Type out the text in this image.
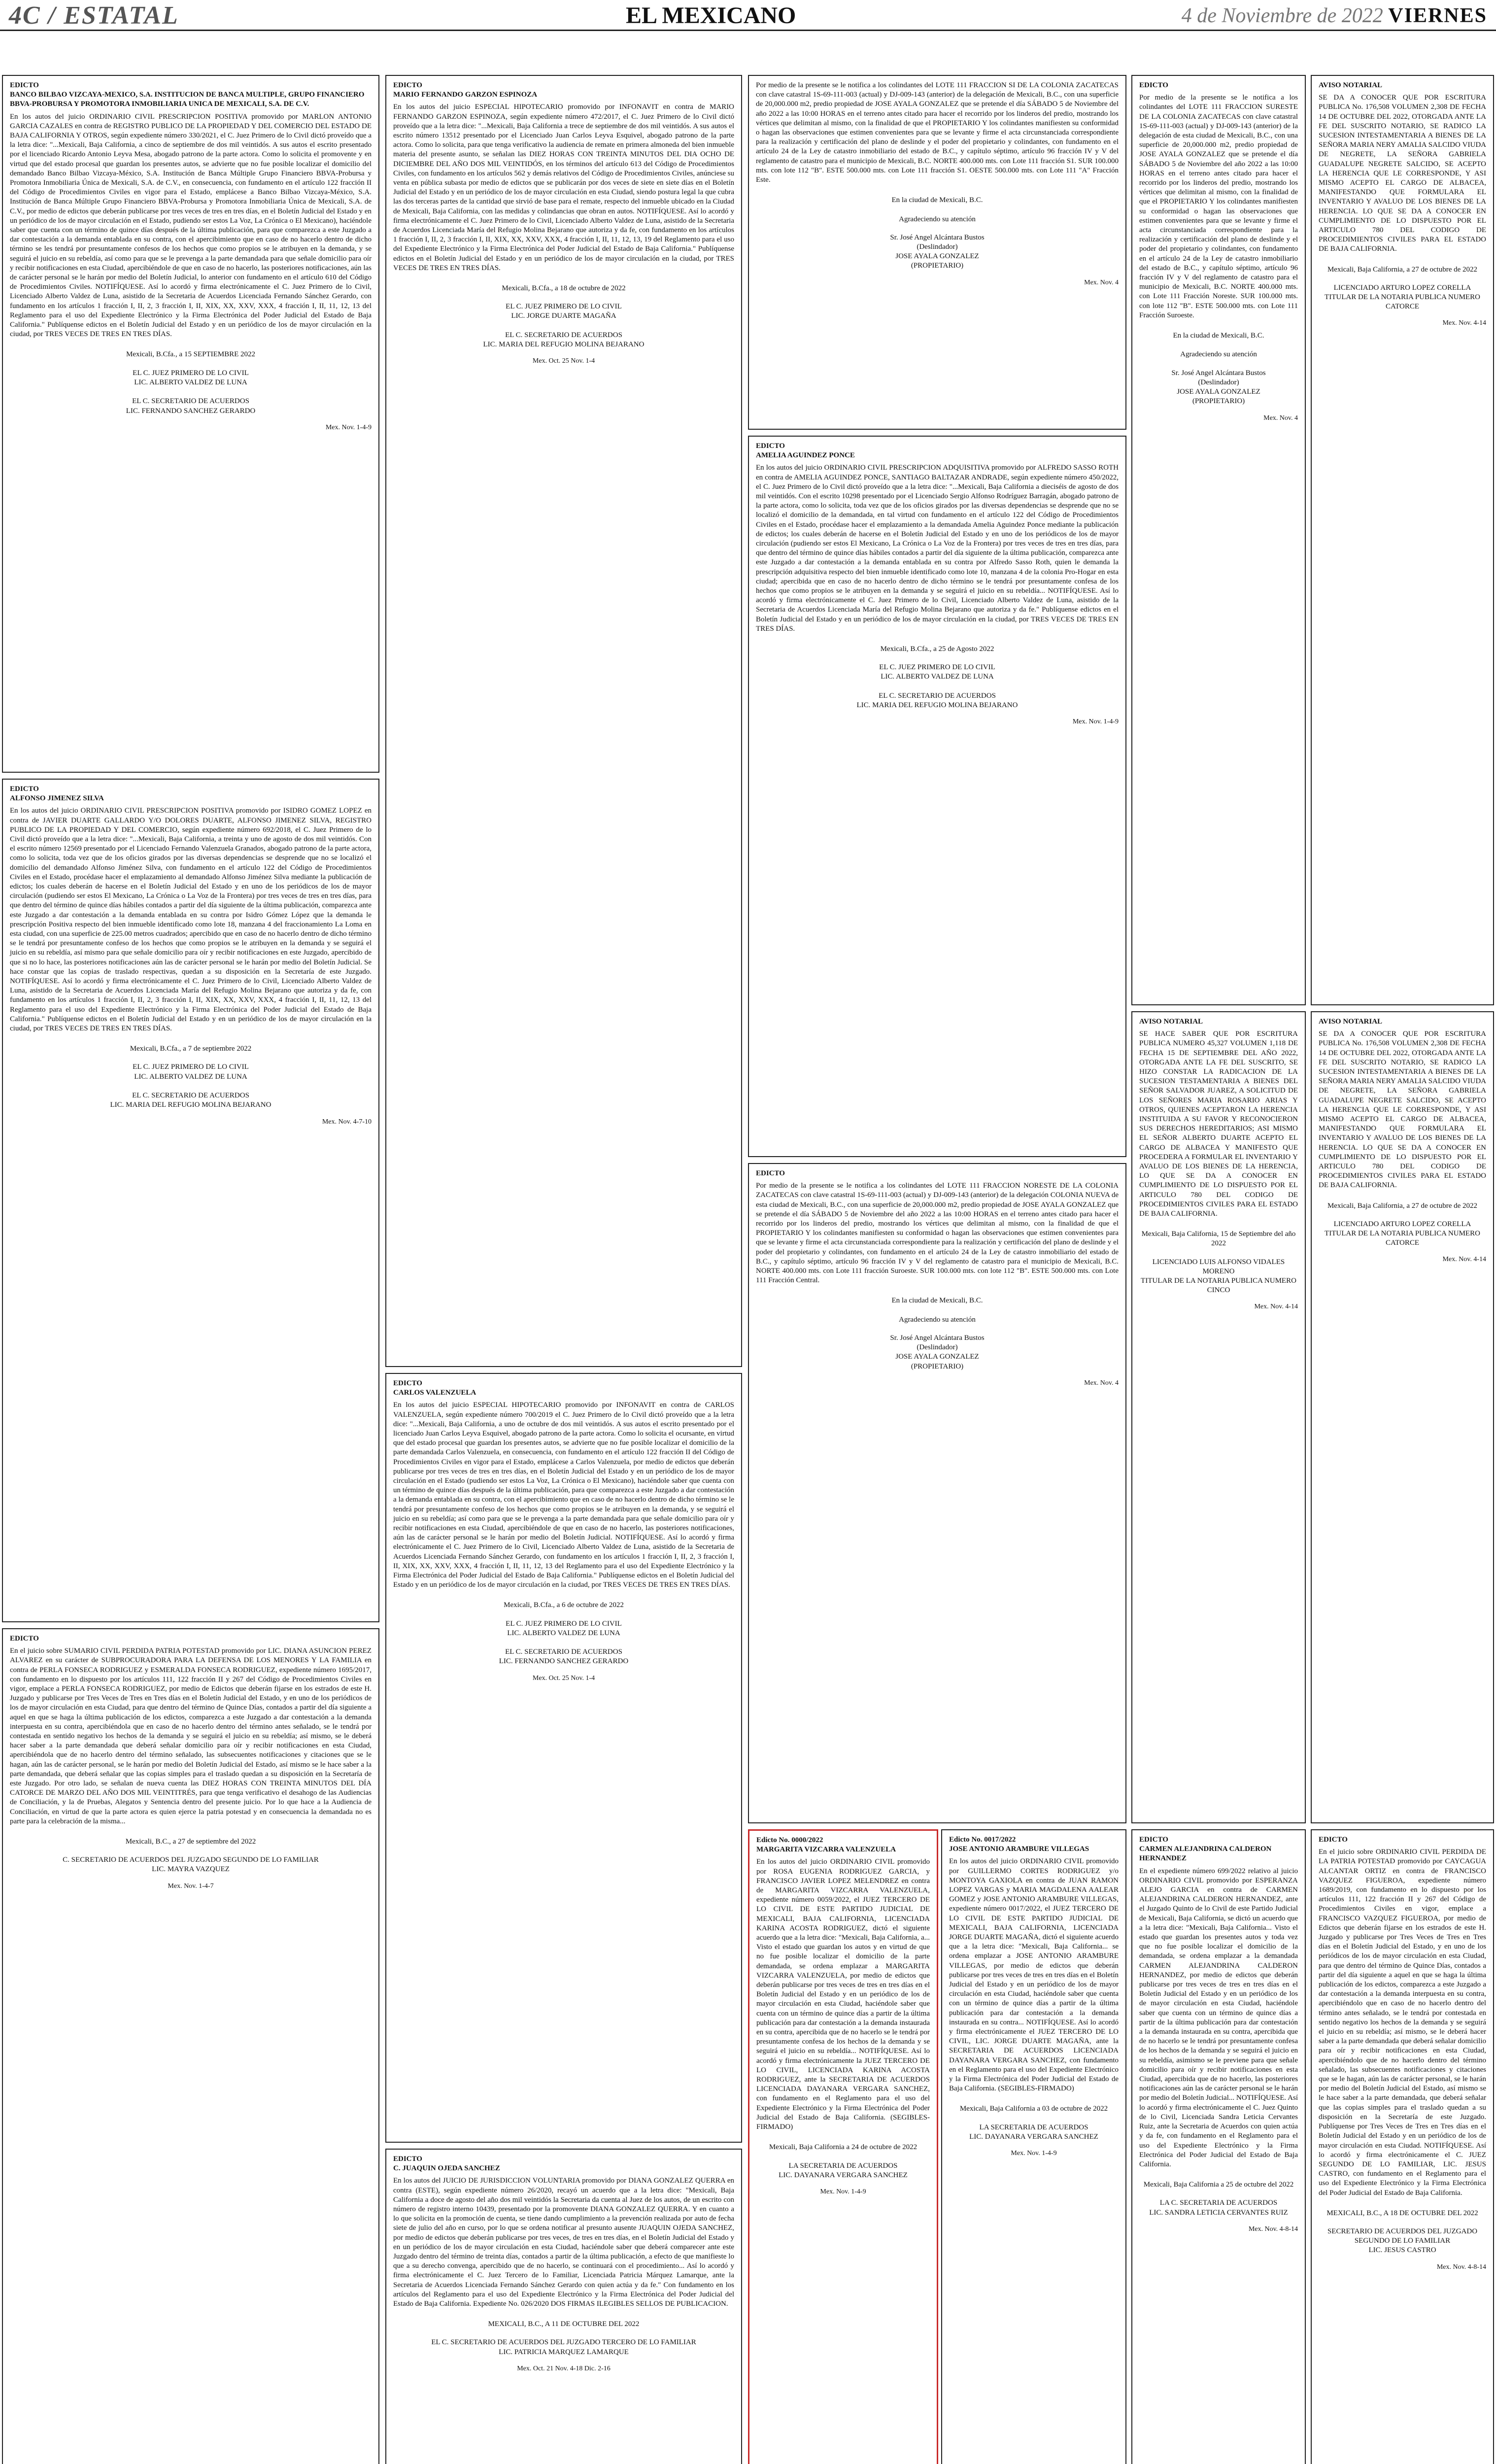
4C / ESTATAL	EL MEXICANO	4 de Noviembre de 2022 VIERNES
EDICTO
BANCO BILBAO VIZCAYA-MEXICO, S.A. INSTITUCION DE BANCA MULTIPLE, GRUPO FINANCIERO BBVA-PROBURSA Y PROMOTORA INMOBILIARIA UNICA DE MEXICALI, S.A. DE C.V.
En los autos del juicio ORDINARIO CIVIL PRESCRIPCION POSITIVA promovido por MARLON ANTONIO GARCIA CAZALES en contra de REGISTRO PUBLICO DE LA PROPIEDAD Y DEL COMERCIO DEL ESTADO DE BAJA CALIFORNIA Y OTROS, según expediente número 330/2021, el C. Juez Primero de lo Civil dictó proveído que a la letra dice: "...Mexicali, Baja California, a cinco de septiembre de dos mil veintidós. A sus autos el escrito presentado por el licenciado Ricardo Antonio Leyva Mesa, abogado patrono de la parte actora. Como lo solicita el promovente y en virtud que del estado procesal que guardan los presentes autos, se advierte que no fue posible localizar el domicilio del demandado Banco Bilbao Vizcaya-México, S.A. Institución de Banca Múltiple Grupo Financiero BBVA-Probursa y Promotora Inmobiliaria Única de Mexicali, S.A. de C.V., en consecuencia, con fundamento en el artículo 122 fracción II del Código de Procedimientos Civiles en vigor para el Estado, emplácese a Banco Bilbao Vizcaya-México, S.A. Institución de Banca Múltiple Grupo Financiero BBVA-Probursa y Promotora Inmobiliaria Única de Mexicali, S.A. de C.V., por medio de edictos que deberán publicarse por tres veces de tres en tres días, en el Boletín Judicial del Estado y en un periódico de los de mayor circulación en el Estado, pudiendo ser estos La Voz, La Crónica o El Mexicano), haciéndole saber que cuenta con un término de quince días después de la última publicación, para que comparezca a este Juzgado a dar contestación a la demanda entablada en su contra, con el apercibimiento que en caso de no hacerlo dentro de dicho término se les tendrá por presuntamente confesos de los hechos que como propios se le atribuyen en la demanda, y se seguirá el juicio en su rebeldía, así como para que se le prevenga a la parte demandada para que señale domicilio para oír y recibir notificaciones en esta Ciudad, apercibiéndole de que en caso de no hacerlo, las posteriores notificaciones, aún las de carácter personal se le harán por medio del Boletín Judicial, lo anterior con fundamento en el artículo 610 del Código de Procedimientos Civiles. NOTIFÍQUESE. Así lo acordó y firma electrónicamente el C. Juez Primero de lo Civil, Licenciado Alberto Valdez de Luna, asistido de la Secretaria de Acuerdos Licenciada Fernando Sánchez Gerardo, con fundamento en los artículos 1 fracción I, II, 2, 3 fracción I, II, XIX, XX, XXV, XXX, 4 fracción I, II, 11, 12, 13 del Reglamento para el uso del Expediente Electrónico y la Firma Electrónica del Poder Judicial del Estado de Baja California." Publíquense edictos en el Boletín Judicial del Estado y en un periódico de los de mayor circulación en la ciudad, por TRES VECES DE TRES EN TRES DÍAS.
Mexicali, B.Cfa., a 15 SEPTIEMBRE 2022
EL C. JUEZ PRIMERO DE LO CIVIL
LIC. ALBERTO VALDEZ DE LUNA

EL C. SECRETARIO DE ACUERDOS
LIC. FERNANDO SANCHEZ GERARDO
Mex. Nov. 1-4-9
EDICTO
ALFONSO JIMENEZ SILVA
En los autos del juicio ORDINARIO CIVIL PRESCRIPCION POSITIVA promovido por ISIDRO GOMEZ LOPEZ en contra de JAVIER DUARTE GALLARDO Y/O DOLORES DUARTE, ALFONSO JIMENEZ SILVA, REGISTRO PUBLICO DE LA PROPIEDAD Y DEL COMERCIO, según expediente número 692/2018, el C. Juez Primero de lo Civil dictó proveído que a la letra dice: "...Mexicali, Baja California, a treinta y uno de agosto de dos mil veintidós. Con el escrito número 12569 presentado por el Licenciado Fernando Valenzuela Granados, abogado patrono de la parte actora, como lo solicita, toda vez que de los oficios girados por las diversas dependencias se desprende que no se localizó el domicilio del demandado Alfonso Jiménez Silva, con fundamento en el artículo 122 del Código de Procedimientos Civiles en el Estado, procédase hacer el emplazamiento al demandado Alfonso Jiménez Silva mediante la publicación de edictos; los cuales deberán de hacerse en el Boletín Judicial del Estado y en uno de los periódicos de los de mayor circulación (pudiendo ser estos El Mexicano, La Crónica o La Voz de la Frontera) por tres veces de tres en tres días, para que dentro del término de quince días hábiles contados a partir del día siguiente de la última publicación, comparezca ante este Juzgado a dar contestación a la demanda entablada en su contra por Isidro Gómez López que la demanda le prescripción Positiva respecto del bien inmueble identificado como lote 18, manzana 4 del fraccionamiento La Loma en esta ciudad, con una superficie de 225.00 metros cuadrados; apercibido que en caso de no hacerlo dentro de dicho término se le tendrá por presuntamente confeso de los hechos que como propios se le atribuyen en la demanda y se seguirá el juicio en su rebeldía, así mismo para que señale domicilio para oír y recibir notificaciones en este Juzgado, apercibido de que si no lo hace, las posteriores notificaciones aún las de carácter personal se le harán por medio del Boletín Judicial. Se hace constar que las copias de traslado respectivas, quedan a su disposición en la Secretaría de este Juzgado. NOTIFÍQUESE. Así lo acordó y firma electrónicamente el C. Juez Primero de lo Civil, Licenciado Alberto Valdez de Luna, asistido de la Secretaria de Acuerdos Licenciada María del Refugio Molina Bejarano que autoriza y da fe, con fundamento en los artículos 1 fracción I, II, 2, 3 fracción I, II, XIX, XX, XXV, XXX, 4 fracción I, II, 11, 12, 13 del Reglamento para el uso del Expediente Electrónico y la Firma Electrónica del Poder Judicial del Estado de Baja California." Publíquense edictos en el Boletín Judicial del Estado y en un periódico de los de mayor circulación en la ciudad, por TRES VECES DE TRES EN TRES DÍAS.
Mexicali, B.Cfa., a 7 de septiembre 2022
EL C. JUEZ PRIMERO DE LO CIVIL
LIC. ALBERTO VALDEZ DE LUNA

EL C. SECRETARIO DE ACUERDOS
LIC. MARIA DEL REFUGIO MOLINA BEJARANO
Mex. Nov. 4-7-10
EDICTO
En el juicio sobre SUMARIO CIVIL PERDIDA PATRIA POTESTAD promovido por LIC. DIANA ASUNCION PEREZ ALVAREZ en su carácter de SUBPROCURADORA PARA LA DEFENSA DE LOS MENORES Y LA FAMILIA en contra de PERLA FONSECA RODRIGUEZ y ESMERALDA FONSECA RODRIGUEZ, expediente número 1695/2017, con fundamento en lo dispuesto por los artículos 111, 122 fracción II y 267 del Código de Procedimientos Civiles en vigor, emplace a PERLA FONSECA RODRIGUEZ, por medio de Edictos que deberán fijarse en los estrados de este H. Juzgado y publicarse por Tres Veces de Tres en Tres días en el Boletín Judicial del Estado, y en uno de los periódicos de los de mayor circulación en esta Ciudad, para que dentro del término de Quince Días, contados a partir del día siguiente a aquel en que se haga la última publicación de los edictos, comparezca a este Juzgado a dar contestación a la demanda interpuesta en su contra, apercibiéndola que en caso de no hacerlo dentro del término antes señalado, se le tendrá por contestada en sentido negativo los hechos de la demanda y se seguirá el juicio en su rebeldía; así mismo, se le deberá hacer saber a la parte demandada que deberá señalar domicilio para oír y recibir notificaciones en esta Ciudad, apercibiéndola que de no hacerlo dentro del término señalado, las subsecuentes notificaciones y citaciones que se le hagan, aún las de carácter personal, se le harán por medio del Boletín Judicial del Estado, así mismo se le hace saber a la parte demandada, que deberá señalar que las copias simples para el traslado quedan a su disposición en la Secretaría de este Juzgado. Por otro lado, se señalan de nueva cuenta las DIEZ HORAS CON TREINTA MINUTOS DEL DÍA CATORCE DE MARZO DEL AÑO DOS MIL VEINTITRÉS, para que tenga verificativo el desahogo de las Audiencias de Conciliación, y la de Pruebas, Alegatos y Sentencia dentro del presente juicio. Por lo que hace a la Audiencia de Conciliación, en virtud de que la parte actora es quien ejerce la patria potestad y en consecuencia la demandada no es parte para la celebración de la misma...
Mexicali, B.C., a 27 de septiembre del 2022
C. SECRETARIO DE ACUERDOS DEL JUZGADO SEGUNDO DE LO FAMILIAR
LIC. MAYRA VAZQUEZ
Mex. Nov. 1-4-7
EDICTO
MARIO FERNANDO GARZON ESPINOZA
En los autos del juicio ESPECIAL HIPOTECARIO promovido por INFONAVIT en contra de MARIO FERNANDO GARZON ESPINOZA, según expediente número 472/2017, el C. Juez Primero de lo Civil dictó proveído que a la letra dice: "...Mexicali, Baja California a trece de septiembre de dos mil veintidós. A sus autos el escrito número 13512 presentado por el Licenciado Juan Carlos Leyva Esquivel, abogado patrono de la parte actora. Como lo solicita, para que tenga verificativo la audiencia de remate en primera almoneda del bien inmueble materia del presente asunto, se señalan las DIEZ HORAS CON TREINTA MINUTOS DEL DIA OCHO DE DICIEMBRE DEL AÑO DOS MIL VEINTIDÓS, en los términos del artículo 613 del Código de Procedimientos Civiles, con fundamento en los artículos 562 y demás relativos del Código de Procedimientos Civiles, anúnciese su venta en pública subasta por medio de edictos que se publicarán por dos veces de siete en siete días en el Boletín Judicial del Estado y en un periódico de los de mayor circulación en esta Ciudad, siendo postura legal la que cubra las dos terceras partes de la cantidad que sirvió de base para el remate, respecto del inmueble ubicado en la Ciudad de Mexicali, Baja California, con las medidas y colindancias que obran en autos. NOTIFÍQUESE. Así lo acordó y firma electrónicamente el C. Juez Primero de lo Civil, Licenciado Alberto Valdez de Luna, asistido de la Secretaria de Acuerdos Licenciada María del Refugio Molina Bejarano que autoriza y da fe, con fundamento en los artículos 1 fracción I, II, 2, 3 fracción I, II, XIX, XX, XXV, XXX, 4 fracción I, II, 11, 12, 13, 19 del Reglamento para el uso del Expediente Electrónico y la Firma Electrónica del Poder Judicial del Estado de Baja California." Publíquense edictos en el Boletín Judicial del Estado y en un periódico de los de mayor circulación en la ciudad, por TRES VECES DE TRES EN TRES DÍAS.
Mexicali, B.Cfa., a 18 de octubre de 2022
EL C. JUEZ PRIMERO DE LO CIVIL
LIC. JORGE DUARTE MAGAÑA

EL C. SECRETARIO DE ACUERDOS
LIC. MARIA DEL REFUGIO MOLINA BEJARANO
Mex. Oct. 25 Nov. 1-4
EDICTO
CARLOS VALENZUELA
En los autos del juicio ESPECIAL HIPOTECARIO promovido por INFONAVIT en contra de CARLOS VALENZUELA, según expediente número 700/2019 el C. Juez Primero de lo Civil dictó proveído que a la letra dice: "...Mexicali, Baja California, a uno de octubre de dos mil veintidós. A sus autos el escrito presentado por el licenciado Juan Carlos Leyva Esquivel, abogado patrono de la parte actora. Como lo solicita el ocursante, en virtud que del estado procesal que guardan los presentes autos, se advierte que no fue posible localizar el domicilio de la parte demandada Carlos Valenzuela, en consecuencia, con fundamento en el artículo 122 fracción II del Código de Procedimientos Civiles en vigor para el Estado, emplácese a Carlos Valenzuela, por medio de edictos que deberán publicarse por tres veces de tres en tres días, en el Boletín Judicial del Estado y en un periódico de los de mayor circulación en el Estado (pudiendo ser estos La Voz, La Crónica o El Mexicano), haciéndole saber que cuenta con un término de quince días después de la última publicación, para que comparezca a este Juzgado a dar contestación a la demanda entablada en su contra, con el apercibimiento que en caso de no hacerlo dentro de dicho término se le tendrá por presuntamente confeso de los hechos que como propios se le atribuyen en la demanda, y se seguirá el juicio en su rebeldía; así como para que se le prevenga a la parte demandada para que señale domicilio para oír y recibir notificaciones en esta Ciudad, apercibiéndole de que en caso de no hacerlo, las posteriores notificaciones, aún las de carácter personal se le harán por medio del Boletín Judicial. NOTIFÍQUESE. Así lo acordó y firma electrónicamente el C. Juez Primero de lo Civil, Licenciado Alberto Valdez de Luna, asistido de la Secretaria de Acuerdos Licenciada Fernando Sánchez Gerardo, con fundamento en los artículos 1 fracción I, II, 2, 3 fracción I, II, XIX, XX, XXV, XXX, 4 fracción I, II, 11, 12, 13 del Reglamento para el uso del Expediente Electrónico y la Firma Electrónica del Poder Judicial del Estado de Baja California." Publíquense edictos en el Boletín Judicial del Estado y en un periódico de los de mayor circulación en la ciudad, por TRES VECES DE TRES EN TRES DÍAS.
Mexicali, B.Cfa., a 6 de octubre de 2022
EL C. JUEZ PRIMERO DE LO CIVIL
LIC. ALBERTO VALDEZ DE LUNA

EL C. SECRETARIO DE ACUERDOS
LIC. FERNANDO SANCHEZ GERARDO
Mex. Oct. 25 Nov. 1-4
EDICTO
C. JUAQUIN OJEDA SANCHEZ
En los autos del JUICIO DE JURISDICCION VOLUNTARIA promovido por DIANA GONZALEZ QUERRA en contra (ESTE), según expediente número 26/2020, recayó un acuerdo que a la letra dice: "Mexicali, Baja California a doce de agosto del año dos mil veintidós la Secretaria da cuenta al Juez de los autos, de un escrito con número de registro interno 10439, presentado por la promovente DIANA GONZALEZ QUERRA. Y en cuanto a lo que solicita en la promoción de cuenta, se tiene dando cumplimiento a la prevención realizada por auto de fecha siete de julio del año en curso, por lo que se ordena notificar al presunto ausente JUAQUIN OJEDA SANCHEZ, por medio de edictos que deberán publicarse por tres veces, de tres en tres días, en el Boletín Judicial del Estado y en un periódico de los de mayor circulación en esta Ciudad, haciéndole saber que deberá comparecer ante este Juzgado dentro del término de treinta días, contados a partir de la última publicación, a efecto de que manifieste lo que a su derecho convenga, apercibido que de no hacerlo, se continuará con el procedimiento... Así lo acordó y firma electrónicamente el C. Juez Tercero de lo Familiar, Licenciada Patricia Márquez Lamarque, ante la Secretaria de Acuerdos Licenciada Fernando Sánchez Gerardo con quien actúa y da fe." Con fundamento en los artículos del Reglamento para el uso del Expediente Electrónico y la Firma Electrónica del Poder Judicial del Estado de Baja California. Expediente No. 026/2020 DOS FIRMAS ILEGIBLES SELLOS DE PUBLICACION.
MEXICALI, B.C., A 11 DE OCTUBRE DEL 2022
EL C. SECRETARIO DE ACUERDOS DEL JUZGADO TERCERO DE LO FAMILIAR
LIC. PATRICIA MARQUEZ LAMARQUE
Mex. Oct. 21 Nov. 4-18 Dic. 2-16
Por medio de la presente se le notifica a los colindantes del LOTE 111 FRACCION SI DE LA COLONIA ZACATECAS con clave catastral 1S-69-111-003 (actual) y DJ-009-143 (anterior) de la delegación de Mexicali, B.C., con una superficie de 20,000.000 m2, predio propiedad de JOSE AYALA GONZALEZ que se pretende el día SÁBADO 5 de Noviembre del año 2022 a las 10:00 HORAS en el terreno antes citado para hacer el recorrido por los linderos del predio, mostrando los vértices que delimitan al mismo, con la finalidad de que el PROPIETARIO Y los colindantes manifiesten su conformidad o hagan las observaciones que estimen convenientes para que se levante y firme el acta circunstanciada correspondiente para la realización y certificación del plano de deslinde y el poder del propietario y colindantes, con fundamento en el artículo 24 de la Ley de catastro inmobiliario del estado de B.C., y capítulo séptimo, artículo 96 fracción IV y V del reglamento de catastro para el municipio de Mexicali, B.C. NORTE 400.000 mts. con Lote 111 fracción S1. SUR 100.000 mts. con lote 112 "B". ESTE 500.000 mts. con Lote 111 fracción S1. OESTE 500.000 mts. con Lote 111 "A" Fracción Este.
En la ciudad de Mexicali, B.C.

Agradeciendo su atención
Sr. José Angel Alcántara Bustos
(Deslindador)
JOSE AYALA GONZALEZ
(PROPIETARIO)
Mex. Nov. 4
EDICTO
AMELIA AGUINDEZ PONCE
En los autos del juicio ORDINARIO CIVIL PRESCRIPCION ADQUISITIVA promovido por ALFREDO SASSO ROTH en contra de AMELIA AGUINDEZ PONCE, SANTIAGO BALTAZAR ANDRADE, según expediente número 450/2022, el C. Juez Primero de lo Civil dictó proveído que a la letra dice: "...Mexicali, Baja California a dieciséis de agosto de dos mil veintidós. Con el escrito 10298 presentado por el Licenciado Sergio Alfonso Rodríguez Barragán, abogado patrono de la parte actora, como lo solicita, toda vez que de los oficios girados por las diversas dependencias se desprende que no se localizó el domicilio de la demandada, en tal virtud con fundamento en el artículo 122 del Código de Procedimientos Civiles en el Estado, procédase hacer el emplazamiento a la demandada Amelia Aguindez Ponce mediante la publicación de edictos; los cuales deberán de hacerse en el Boletín Judicial del Estado y en uno de los periódicos de los de mayor circulación (pudiendo ser estos El Mexicano, La Crónica o La Voz de la Frontera) por tres veces de tres en tres días, para que dentro del término de quince días hábiles contados a partir del día siguiente de la última publicación, comparezca ante este Juzgado a dar contestación a la demanda entablada en su contra por Alfredo Sasso Roth, quien le demanda la prescripción adquisitiva respecto del bien inmueble identificado como lote 10, manzana 4 de la colonia Pro-Hogar en esta ciudad; apercibida que en caso de no hacerlo dentro de dicho término se le tendrá por presuntamente confesa de los hechos que como propios se le atribuyen en la demanda y se seguirá el juicio en su rebeldía... NOTIFÍQUESE. Así lo acordó y firma electrónicamente el C. Juez Primero de lo Civil, Licenciado Alberto Valdez de Luna, asistido de la Secretaria de Acuerdos Licenciada María del Refugio Molina Bejarano que autoriza y da fe." Publíquense edictos en el Boletín Judicial del Estado y en un periódico de los de mayor circulación en la ciudad, por TRES VECES DE TRES EN TRES DÍAS.
Mexicali, B.Cfa., a 25 de Agosto 2022
EL C. JUEZ PRIMERO DE LO CIVIL
LIC. ALBERTO VALDEZ DE LUNA

EL C. SECRETARIO DE ACUERDOS
LIC. MARIA DEL REFUGIO MOLINA BEJARANO
Mex. Nov. 1-4-9
EDICTO
Por medio de la presente se le notifica a los colindantes del LOTE 111 FRACCION NORESTE DE LA COLONIA ZACATECAS con clave catastral 1S-69-111-003 (actual) y DJ-009-143 (anterior) de la delegación COLONIA NUEVA de esta ciudad de Mexicali, B.C., con una superficie de 20,000.000 m2, predio propiedad de JOSE AYALA GONZALEZ que se pretende el día SÁBADO 5 de Noviembre del año 2022 a las 10:00 HORAS en el terreno antes citado para hacer el recorrido por los linderos del predio, mostrando los vértices que delimitan al mismo, con la finalidad de que el PROPIETARIO Y los colindantes manifiesten su conformidad o hagan las observaciones que estimen convenientes para que se levante y firme el acta circunstanciada correspondiente para la realización y certificación del plano de deslinde y el poder del propietario y colindantes, con fundamento en el artículo 24 de la Ley de catastro inmobiliario del estado de B.C., y capítulo séptimo, artículo 96 fracción IV y V del reglamento de catastro para el municipio de Mexicali, B.C. NORTE 400.000 mts. con Lote 111 fracción Suroeste. SUR 100.000 mts. con lote 112 "B". ESTE 500.000 mts. con Lote 111 Fracción Central.
En la ciudad de Mexicali, B.C.

Agradeciendo su atención
Sr. José Angel Alcántara Bustos
(Deslindador)
JOSE AYALA GONZALEZ
(PROPIETARIO)
Mex. Nov. 4
Edicto No. 0000/2022
MARGARITA VIZCARRA VALENZUELA
En los autos del juicio ORDINARIO CIVIL promovido por ROSA EUGENIA RODRIGUEZ GARCIA, y FRANCISCO JAVIER LOPEZ MELENDREZ en contra de MARGARITA VIZCARRA VALENZUELA, expediente número 0059/2022, el JUEZ TERCERO DE LO CIVIL DE ESTE PARTIDO JUDICIAL DE MEXICALI, BAJA CALIFORNIA, LICENCIADA KARINA ACOSTA RODRIGUEZ, dictó el siguiente acuerdo que a la letra dice: "Mexicali, Baja California, a... Visto el estado que guardan los autos y en virtud de que no fue posible localizar el domicilio de la parte demandada, se ordena emplazar a MARGARITA VIZCARRA VALENZUELA, por medio de edictos que deberán publicarse por tres veces de tres en tres días en el Boletín Judicial del Estado y en un periódico de los de mayor circulación en esta Ciudad, haciéndole saber que cuenta con un término de quince días a partir de la última publicación para dar contestación a la demanda instaurada en su contra, apercibida que de no hacerlo se le tendrá por presuntamente confesa de los hechos de la demanda y se seguirá el juicio en su rebeldía... NOTIFÍQUESE. Así lo acordó y firma electrónicamente la JUEZ TERCERO DE LO CIVIL, LICENCIADA KARINA ACOSTA RODRIGUEZ, ante la SECRETARIA DE ACUERDOS LICENCIADA DAYANARA VERGARA SANCHEZ, con fundamento en el Reglamento para el uso del Expediente Electrónico y la Firma Electrónica del Poder Judicial del Estado de Baja California. (SEGIBLES-FIRMADO)
Mexicali, Baja California a 24 de octubre de 2022
LA SECRETARIA DE ACUERDOS
LIC. DAYANARA VERGARA SANCHEZ
Mex. Nov. 1-4-9
Edicto No. 0017/2022
JOSE ANTONIO ARAMBURE VILLEGAS
En los autos del juicio ORDINARIO CIVIL promovido por GUILLERMO CORTES RODRIGUEZ y/o MONTOYA GAXIOLA en contra de JUAN RAMON LOPEZ VARGAS y MARIA MAGDALENA AALEAR GOMEZ y JOSE ANTONIO ARAMBURE VILLEGAS, expediente número 0017/2022, el JUEZ TERCERO DE LO CIVIL DE ESTE PARTIDO JUDICIAL DE MEXICALI, BAJA CALIFORNIA, LICENCIADA JORGE DUARTE MAGAÑA, dictó el siguiente acuerdo que a la letra dice: "Mexicali, Baja California... se ordena emplazar a JOSE ANTONIO ARAMBURE VILLEGAS, por medio de edictos que deberán publicarse por tres veces de tres en tres días en el Boletín Judicial del Estado y en un periódico de los de mayor circulación en esta Ciudad, haciéndole saber que cuenta con un término de quince días a partir de la última publicación para dar contestación a la demanda instaurada en su contra... NOTIFÍQUESE. Así lo acordó y firma electrónicamente el JUEZ TERCERO DE LO CIVIL, LIC. JORGE DUARTE MAGAÑA, ante la SECRETARIA DE ACUERDOS LICENCIADA DAYANARA VERGARA SANCHEZ, con fundamento en el Reglamento para el uso del Expediente Electrónico y la Firma Electrónica del Poder Judicial del Estado de Baja California. (SEGIBLES-FIRMADO)
Mexicali, Baja California a 03 de octubre de 2022
LA SECRETARIA DE ACUERDOS
LIC. DAYANARA VERGARA SANCHEZ
Mex. Nov. 1-4-9
EDICTO
Por medio de la presente se le notifica a los colindantes del LOTE 111 FRACCION SURESTE DE LA COLONIA ZACATECAS con clave catastral 1S-69-111-003 (actual) y DJ-009-143 (anterior) de la delegación de esta ciudad de Mexicali, B.C., con una superficie de 20,000.000 m2, predio propiedad de JOSE AYALA GONZALEZ que se pretende el día SÁBADO 5 de Noviembre del año 2022 a las 10:00 HORAS en el terreno antes citado para hacer el recorrido por los linderos del predio, mostrando los vértices que delimitan al mismo, con la finalidad de que el PROPIETARIO Y los colindantes manifiesten su conformidad o hagan las observaciones que estimen convenientes para que se levante y firme el acta circunstanciada correspondiente para la realización y certificación del plano de deslinde y el poder del propietario y colindantes, con fundamento en el artículo 24 de la Ley de catastro inmobiliario del estado de B.C., y capítulo séptimo, artículo 96 fracción IV y V del reglamento de catastro para el municipio de Mexicali, B.C. NORTE 400.000 mts. con Lote 111 Fracción Noreste. SUR 100.000 mts. con lote 112 "B". ESTE 500.000 mts. con Lote 111 Fracción Suroeste.
En la ciudad de Mexicali, B.C.

Agradeciendo su atención
Sr. José Angel Alcántara Bustos
(Deslindador)
JOSE AYALA GONZALEZ
(PROPIETARIO)
Mex. Nov. 4
AVISO NOTARIAL
SE DA A CONOCER QUE POR ESCRITURA PUBLICA No. 176,508 VOLUMEN 2,308 DE FECHA 14 DE OCTUBRE DEL 2022, OTORGADA ANTE LA FE DEL SUSCRITO NOTARIO, SE RADICO LA SUCESION INTESTAMENTARIA A BIENES DE LA SEÑORA MARIA NERY AMALIA SALCIDO VIUDA DE NEGRETE, LA SEÑORA GABRIELA GUADALUPE NEGRETE SALCIDO, SE ACEPTO LA HERENCIA QUE LE CORRESPONDE, Y ASI MISMO ACEPTO EL CARGO DE ALBACEA, MANIFESTANDO QUE FORMULARA EL INVENTARIO Y AVALUO DE LOS BIENES DE LA HERENCIA. LO QUE SE DA A CONOCER EN CUMPLIMIENTO DE LO DISPUESTO POR EL ARTICULO 780 DEL CODIGO DE PROCEDIMIENTOS CIVILES PARA EL ESTADO DE BAJA CALIFORNIA.
Mexicali, Baja California, a 27 de octubre de 2022
LICENCIADO ARTURO LOPEZ CORELLA
TITULAR DE LA NOTARIA PUBLICA NUMERO CATORCE
Mex. Nov. 4-14
AVISO NOTARIAL
SE HACE SABER QUE POR ESCRITURA PUBLICA NUMERO 45,327 VOLUMEN 1,118 DE FECHA 15 DE SEPTIEMBRE DEL AÑO 2022, OTORGADA ANTE LA FE DEL SUSCRITO, SE HIZO CONSTAR LA RADICACION DE LA SUCESION TESTAMENTARIA A BIENES DEL SEÑOR SALVADOR JUAREZ, A SOLICITUD DE LOS SEÑORES MARIA ROSARIO ARIAS Y OTROS, QUIENES ACEPTARON LA HERENCIA INSTITUIDA A SU FAVOR Y RECONOCIERON SUS DERECHOS HEREDITARIOS; ASI MISMO EL SEÑOR ALBERTO DUARTE ACEPTO EL CARGO DE ALBACEA Y MANIFESTO QUE PROCEDERA A FORMULAR EL INVENTARIO Y AVALUO DE LOS BIENES DE LA HERENCIA, LO QUE SE DA A CONOCER EN CUMPLIMIENTO DE LO DISPUESTO POR EL ARTICULO 780 DEL CODIGO DE PROCEDIMIENTOS CIVILES PARA EL ESTADO DE BAJA CALIFORNIA.
Mexicali, Baja California, 15 de Septiembre del año 2022
LICENCIADO LUIS ALFONSO VIDALES MORENO
TITULAR DE LA NOTARIA PUBLICA NUMERO CINCO
Mex. Nov. 4-14
AVISO NOTARIAL
SE DA A CONOCER QUE POR ESCRITURA PUBLICA No. 176,508 VOLUMEN 2,308 DE FECHA 14 DE OCTUBRE DEL 2022, OTORGADA ANTE LA FE DEL SUSCRITO NOTARIO, SE RADICO LA SUCESION INTESTAMENTARIA A BIENES DE LA SEÑORA MARIA NERY AMALIA SALCIDO VIUDA DE NEGRETE, LA SEÑORA GABRIELA GUADALUPE NEGRETE SALCIDO, SE ACEPTO LA HERENCIA QUE LE CORRESPONDE, Y ASI MISMO ACEPTO EL CARGO DE ALBACEA, MANIFESTANDO QUE FORMULARA EL INVENTARIO Y AVALUO DE LOS BIENES DE LA HERENCIA. LO QUE SE DA A CONOCER EN CUMPLIMIENTO DE LO DISPUESTO POR EL ARTICULO 780 DEL CODIGO DE PROCEDIMIENTOS CIVILES PARA EL ESTADO DE BAJA CALIFORNIA.
Mexicali, Baja California, a 27 de octubre de 2022
LICENCIADO ARTURO LOPEZ CORELLA
TITULAR DE LA NOTARIA PUBLICA NUMERO CATORCE
Mex. Nov. 4-14
EDICTO
CARMEN ALEJANDRINA CALDERON HERNANDEZ
En el expediente número 699/2022 relativo al juicio ORDINARIO CIVIL promovido por ESPERANZA ALEJO GARCIA en contra de CARMEN ALEJANDRINA CALDERON HERNANDEZ, ante el Juzgado Quinto de lo Civil de este Partido Judicial de Mexicali, Baja California, se dictó un acuerdo que a la letra dice: "Mexicali, Baja California... Visto el estado que guardan los presentes autos y toda vez que no fue posible localizar el domicilio de la demandada, se ordena emplazar a la demandada CARMEN ALEJANDRINA CALDERON HERNANDEZ, por medio de edictos que deberán publicarse por tres veces de tres en tres días en el Boletín Judicial del Estado y en un periódico de los de mayor circulación en esta Ciudad, haciéndole saber que cuenta con un término de quince días a partir de la última publicación para dar contestación a la demanda instaurada en su contra, apercibida que de no hacerlo se le tendrá por presuntamente confesa de los hechos de la demanda y se seguirá el juicio en su rebeldía, asimismo se le previene para que señale domicilio para oír y recibir notificaciones en esta Ciudad, apercibida que de no hacerlo, las posteriores notificaciones aún las de carácter personal se le harán por medio del Boletín Judicial... NOTIFÍQUESE. Así lo acordó y firma electrónicamente el C. Juez Quinto de lo Civil, Licenciada Sandra Leticia Cervantes Ruiz, ante la Secretaria de Acuerdos con quien actúa y da fe, con fundamento en el Reglamento para el uso del Expediente Electrónico y la Firma Electrónica del Poder Judicial del Estado de Baja California.
Mexicali, Baja California a 25 de octubre del 2022
LA C. SECRETARIA DE ACUERDOS
LIC. SANDRA LETICIA CERVANTES RUIZ
Mex. Nov. 4-8-14
EDICTO
En el juicio sobre ORDINARIO CIVIL PERDIDA DE LA PATRIA POTESTAD promovido por CAYCAGUA ALCANTAR ORTIZ en contra de FRANCISCO VAZQUEZ FIGUEROA, expediente número 1689/2019, con fundamento en lo dispuesto por los artículos 111, 122 fracción II y 267 del Código de Procedimientos Civiles en vigor, emplace a FRANCISCO VAZQUEZ FIGUEROA, por medio de Edictos que deberán fijarse en los estrados de este H. Juzgado y publicarse por Tres Veces de Tres en Tres días en el Boletín Judicial del Estado, y en uno de los periódicos de los de mayor circulación en esta Ciudad, para que dentro del término de Quince Días, contados a partir del día siguiente a aquel en que se haga la última publicación de los edictos, comparezca a este Juzgado a dar contestación a la demanda interpuesta en su contra, apercibiéndolo que en caso de no hacerlo dentro del término antes señalado, se le tendrá por contestada en sentido negativo los hechos de la demanda y se seguirá el juicio en su rebeldía; así mismo, se le deberá hacer saber a la parte demandada que deberá señalar domicilio para oír y recibir notificaciones en esta Ciudad, apercibiéndolo que de no hacerlo dentro del término señalado, las subsecuentes notificaciones y citaciones que se le hagan, aún las de carácter personal, se le harán por medio del Boletín Judicial del Estado, así mismo se le hace saber a la parte demandada, que deberá señalar que las copias simples para el traslado quedan a su disposición en la Secretaría de este Juzgado. Publíquense por Tres Veces de Tres en Tres días en el Boletín Judicial del Estado y en un periódico de los de mayor circulación en esta Ciudad. NOTIFÍQUESE. Así lo acordó y firma electrónicamente el C. JUEZ SEGUNDO DE LO FAMILIAR, LIC. JESUS CASTRO, con fundamento en el Reglamento para el uso del Expediente Electrónico y la Firma Electrónica del Poder Judicial del Estado de Baja California.
MEXICALI, B.C., A 18 DE OCTUBRE DEL 2022
SECRETARIO DE ACUERDOS DEL JUZGADO SEGUNDO DE LO FAMILIAR
LIC. JESUS CASTRO
Mex. Nov. 4-8-14
